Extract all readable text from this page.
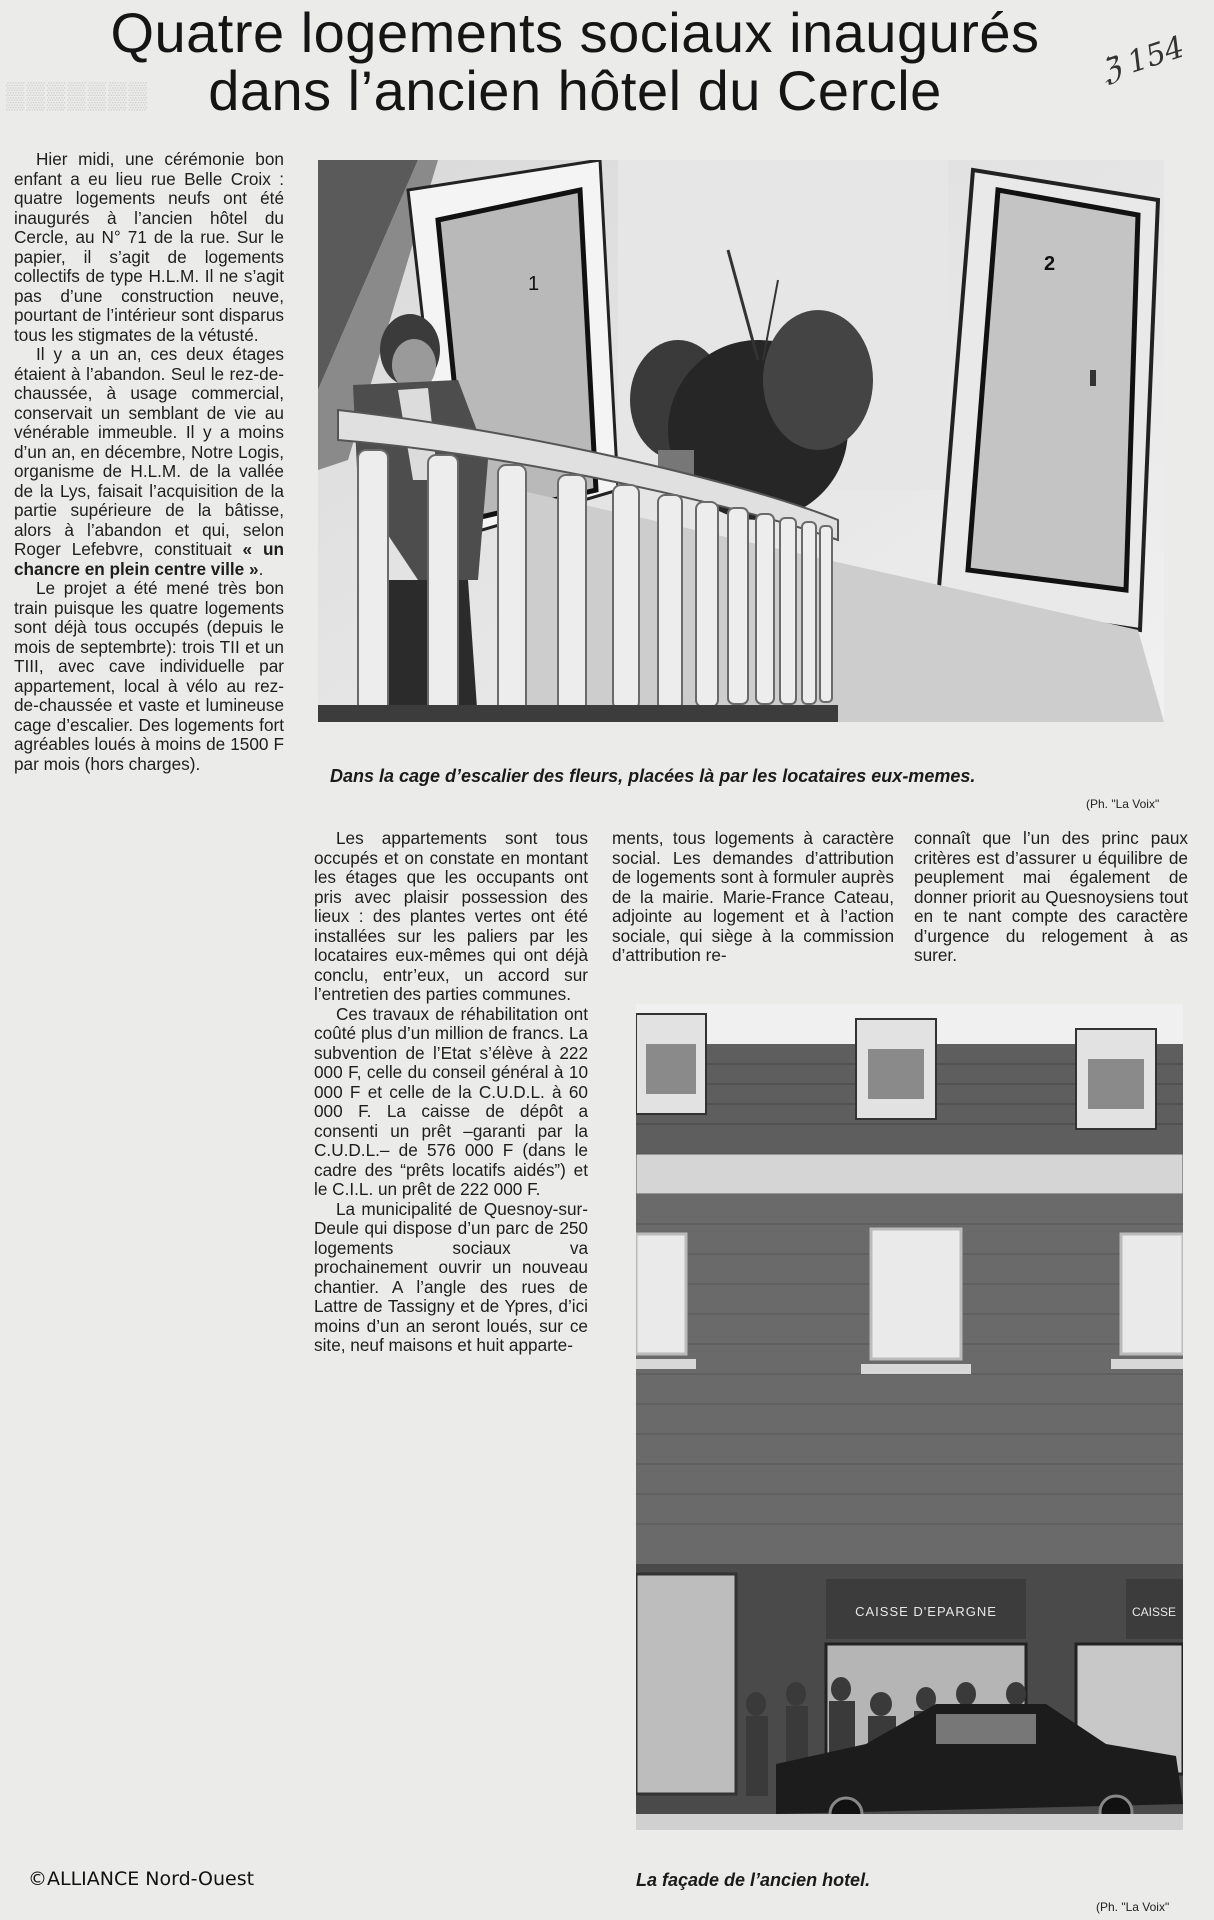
▒▒▒▒▒▒▒
Quatre logements sociaux inaugurés
dans l’ancien hôtel du Cercle	ℨ 154

Hier midi, une cérémonie bon enfant a eu lieu rue Belle Croix : quatre logements neufs ont été inaugurés à l’ancien hôtel du Cercle, au N° 71 de la rue. Sur le papier, il s’agit de logements collectifs de type H.L.M. Il ne s’agit pas d’une construction neuve, pourtant de l’intérieur sont disparus tous les stigmates de la vétusté.

Il y a un an, ces deux étages étaient à l’abandon. Seul le rez-de-chaussée, à usage commercial, conservait un semblant de vie au vénérable immeuble. Il y a moins d’un an, en décembre, Notre Logis, organisme de H.L.M. de la vallée de la Lys, faisait l’acquisition de la partie supérieure de la bâtisse, alors à l’abandon et qui, selon Roger Lefebvre, constituait « un chancre en plein centre ville ».

Le projet a été mené très bon train puisque les quatre logements sont déjà tous occupés (depuis le mois de septembrte): trois TII et un TIII, avec cave individuelle par appartement, local à vélo au rez-de-chaussée et vaste et lumineuse cage d’escalier. Des logements fort agréables loués à moins de 1500 F par mois (hors charges).

1
2
Dans la cage d’escalier des fleurs, placées là par les locataires eux-memes.
(Ph. "La Voix"

Les appartements sont tous occupés et on constate en montant les étages que les occupants ont pris avec plaisir possession des lieux : des plantes vertes ont été installées sur les paliers par les locataires eux-mêmes qui ont déjà conclu, entr’eux, un accord sur l’entretien des parties communes.

Ces travaux de réhabilitation ont coûté plus d’un million de francs. La subvention de l’Etat s’élève à 222 000 F, celle du conseil général à 10 000 F et celle de la C.U.D.L. à 60 000 F. La caisse de dépôt a consenti un prêt –garanti par la C.U.D.L.– de 576 000 F (dans le cadre des “prêts locatifs aidés”) et le C.I.L. un prêt de 222 000 F.

La municipalité de Quesnoy-sur-Deule qui dispose d’un parc de 250 logements sociaux va prochainement ouvrir un nouveau chantier. A l’angle des rues de Lattre de Tassigny et de Ypres, d’ici moins d’un an seront loués, sur ce site, neuf maisons et huit apparte-

ments, tous logements à caractère social. Les demandes d’attribution de logements sont à formuler auprès de la mairie. Marie-France Cateau, adjointe au logement et à l’action sociale, qui siège à la commission d’attribution re-

connaît que l’un des princ paux critères est d’assurer u équilibre de peuplement mai également de donner priorit au Quesnoysiens tout en te nant compte des caractère d’urgence du relogement à as surer.

CAISSE D'EPARGNE	CAISSE
La façade de l’ancien hotel.
(Ph. "La Voix"
©ALLIANCE Nord-Ouest
